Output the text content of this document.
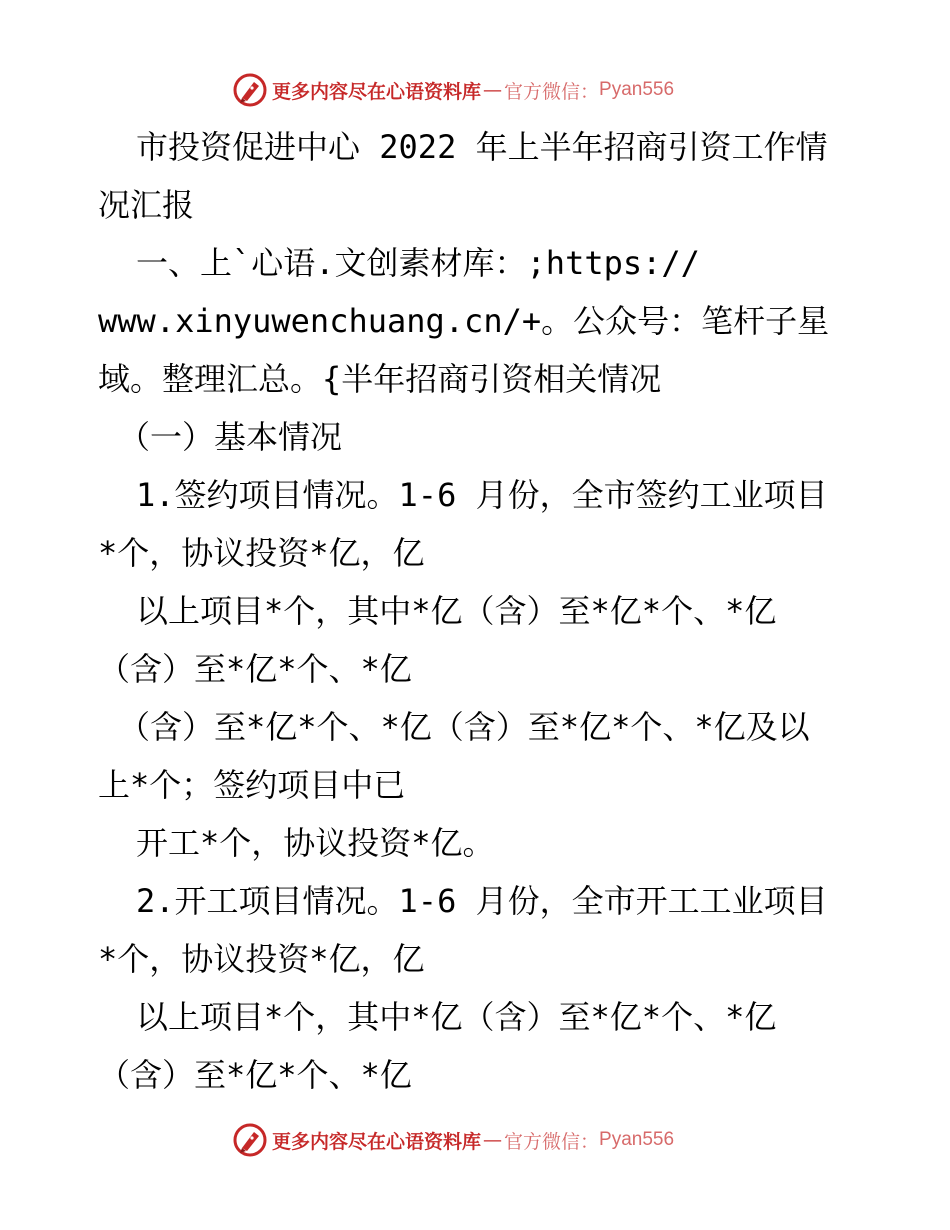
更多内容尽在心语资料库 — 官方微信： Pyan556
市投资促进中心 2022 年上半年招商引资工作情
况汇报
一、上`心语.文创素材库：;https://
www.xinyuwenchuang.cn/+。公众号：笔杆子星
域。整理汇总。{半年招商引资相关情况
（一）基本情况
1.签约项目情况。1-6 月份，全市签约工业项目
*个，协议投资*亿，亿
以上项目*个，其中*亿（含）至*亿*个、*亿
（含）至*亿*个、*亿
（含）至*亿*个、*亿（含）至*亿*个、*亿及以
上*个；签约项目中已
开工*个，协议投资*亿。
2.开工项目情况。1-6 月份，全市开工工业项目
*个，协议投资*亿，亿
以上项目*个，其中*亿（含）至*亿*个、*亿
（含）至*亿*个、*亿
更多内容尽在心语资料库 — 官方微信： Pyan556
